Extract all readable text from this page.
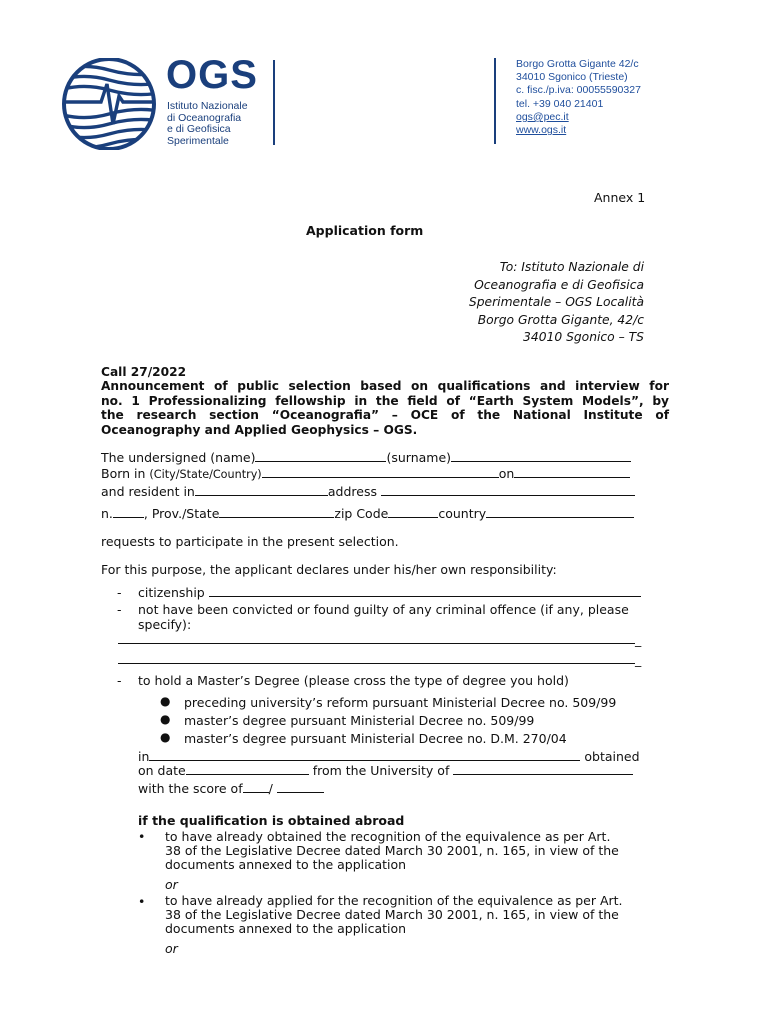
OGS
Istituto Nazionale
di Oceanografia
e di Geofisica
Sperimentale
Borgo Grotta Gigante 42/c
34010 Sgonico (Trieste)
c. fisc./p.iva: 00055590327
tel. +39 040 21401
ogs@pec.it
www.ogs.it
Annex 1
Application form
To: Istituto Nazionale di
Oceanografia e di Geofisica
Sperimentale – OGS Località
Borgo Grotta Gigante, 42/c
34010 Sgonico – TS
Call 27/2022
Announcement of public selection based on qualifications and interview for
no. 1 Professionalizing fellowship in the field of “Earth System Models”, by
the research section “Oceanografia” – OCE of the National Institute of
Oceanography and Applied Geophysics – OGS.
The undersigned (name)	(surname)
Born in (City/State/Country)	on
and resident in	address
n. , Prov./State	zip Code	country
requests to participate in the present selection.
For this purpose, the applicant declares under his/her own responsibility:
- citizenship
- not have been convicted or found guilty of any criminal offence (if any, please
specify):
_
_
- to hold a Master’s Degree (please cross the type of degree you hold)
● preceding university’s reform pursuant Ministerial Decree no. 509/99
● master’s degree pursuant Ministerial Decree no. 509/99
● master’s degree pursuant Ministerial Decree no. D.M. 270/04
in	obtained
on date	from the University of
with the score of /
if the qualification is obtained abroad
• to have already obtained the recognition of the equivalence as per Art.
38 of the Legislative Decree dated March 30 2001, n. 165, in view of the
documents annexed to the application
or
• to have already applied for the recognition of the equivalence as per Art.
38 of the Legislative Decree dated March 30 2001, n. 165, in view of the
documents annexed to the application
or
